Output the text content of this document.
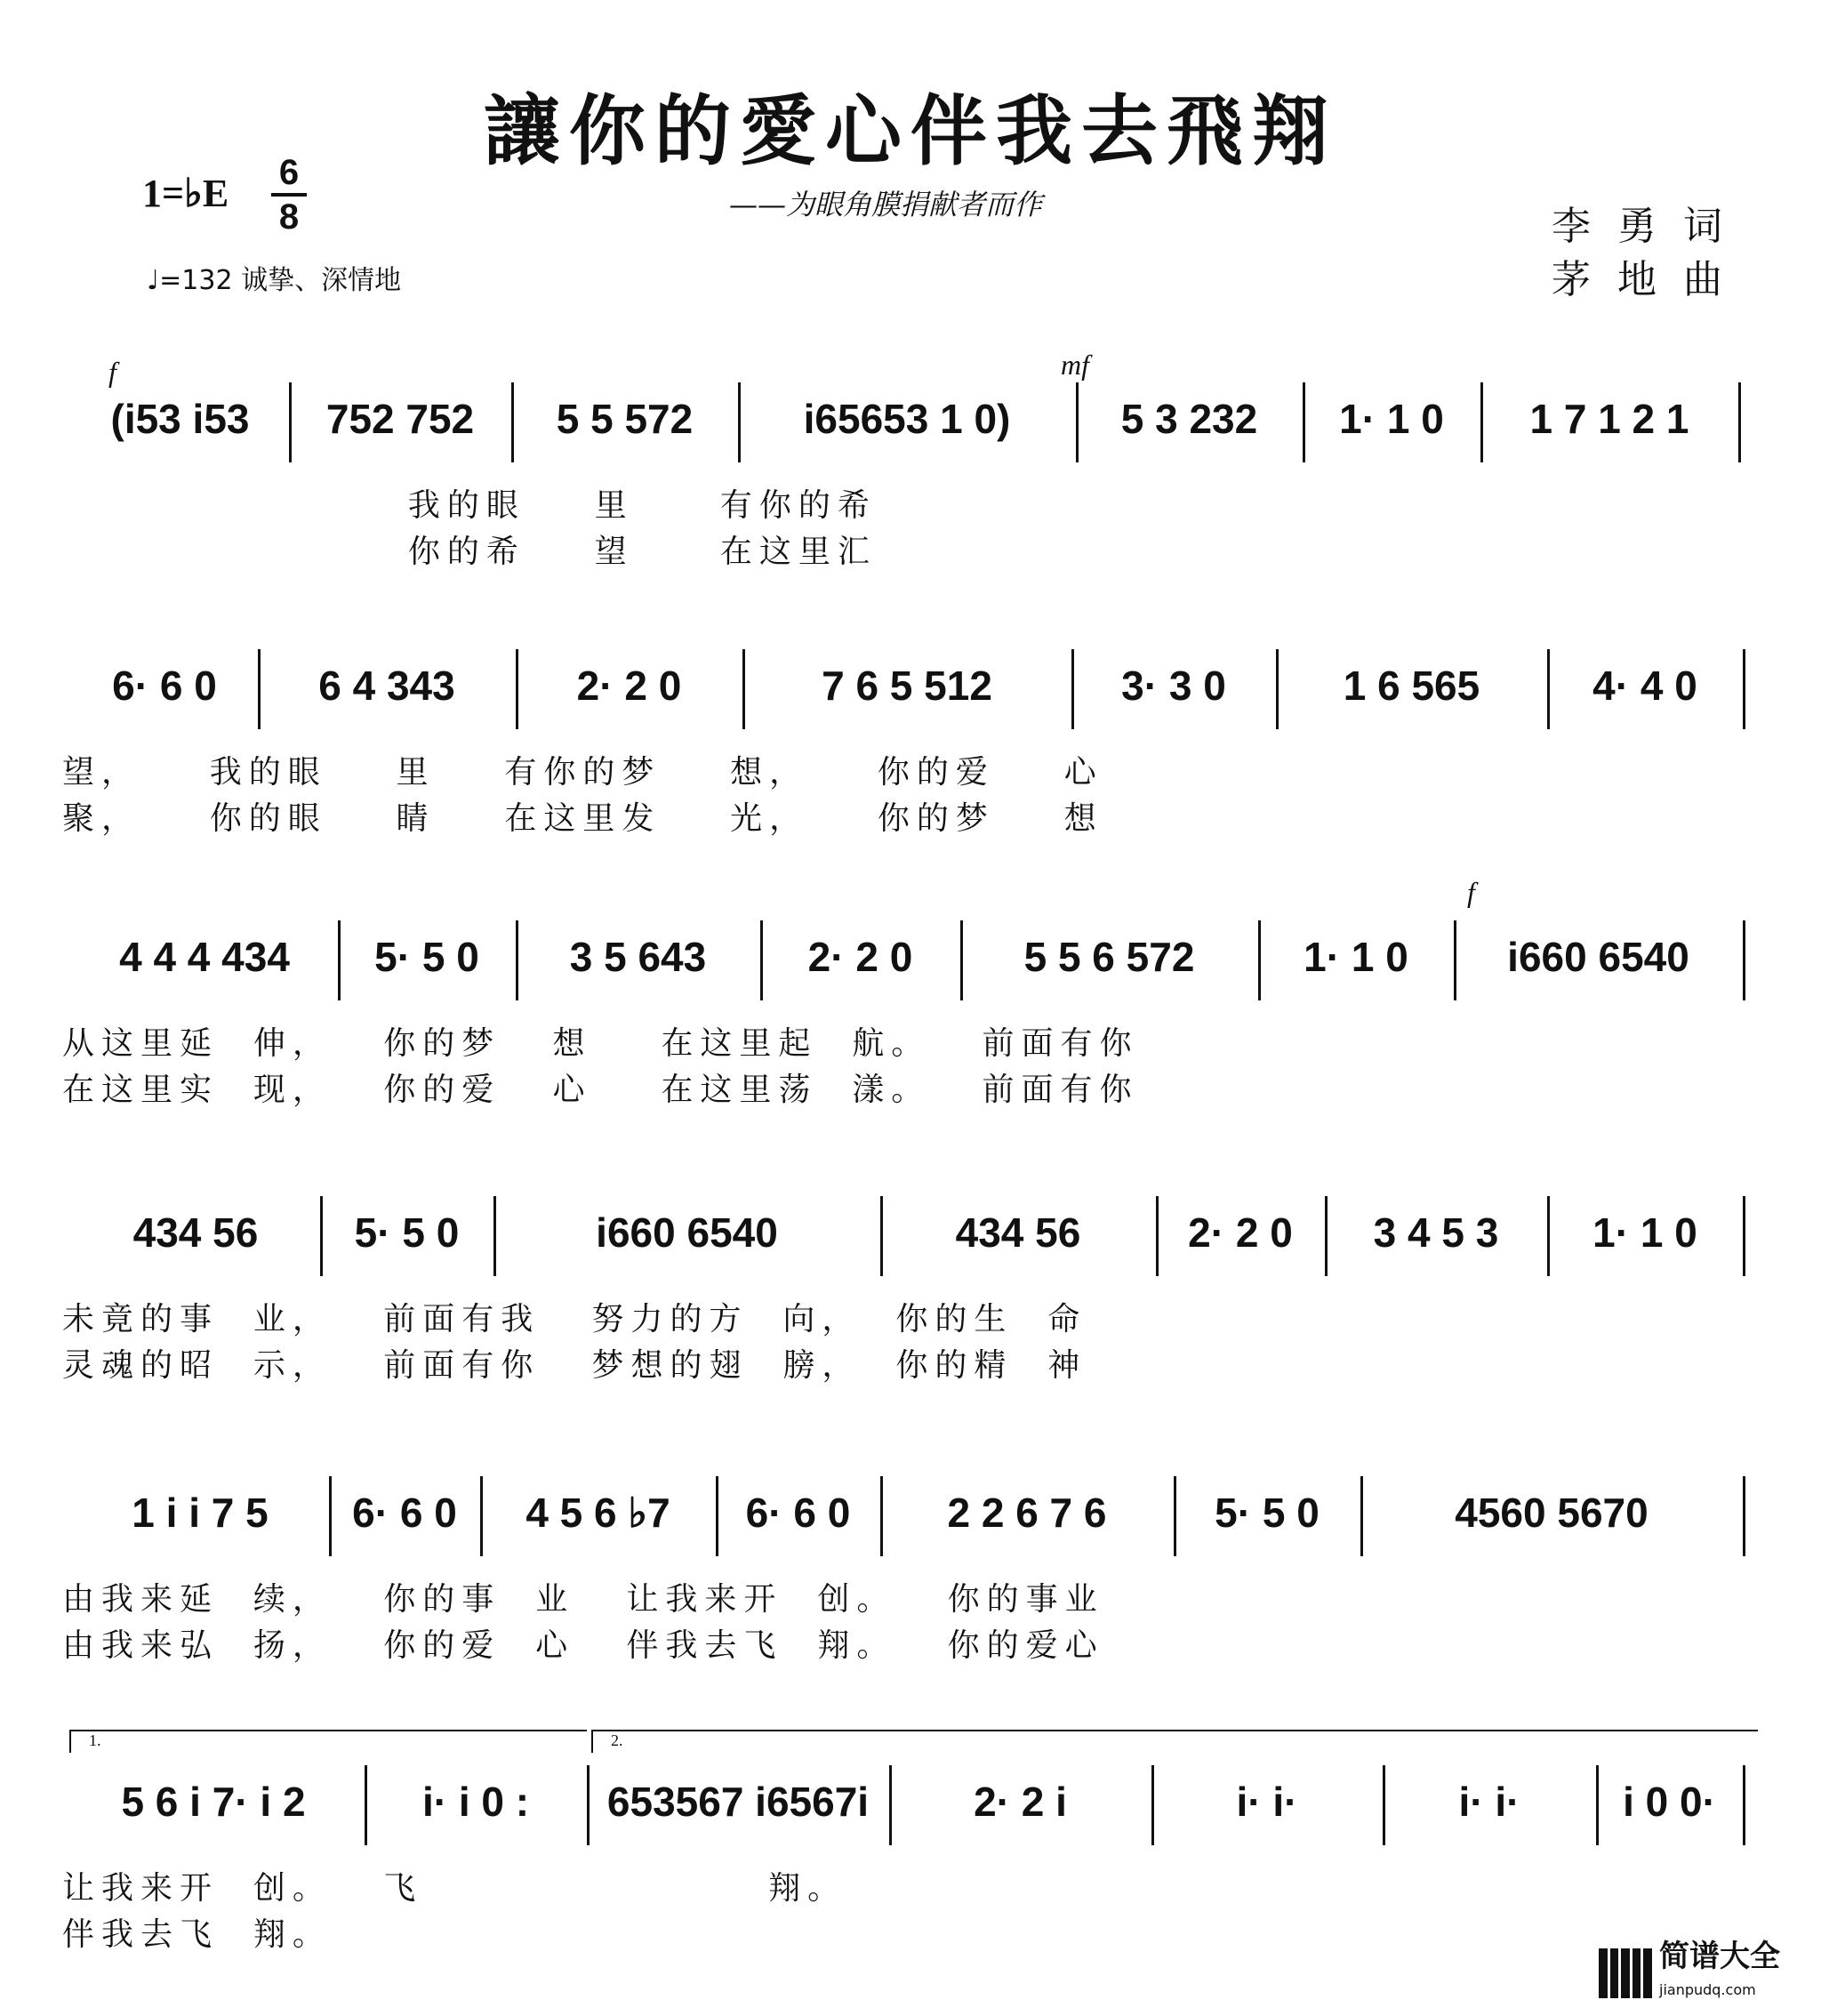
讓你的愛心伴我去飛翔
1=♭E 6
8	——为眼角膜捐献者而作
♩=132 诚挚、深情地
李勇词
茅地曲
f	mf
f
(i53 i53	752 752	5 5 572	i65653 1 0)	5 3 232	1· 1 0	1 7 1 2 1
我的眼    里     有你的希
你的希    望     在这里汇
6· 6 0	6 4 343	2· 2 0	7 6 5 512	3· 3 0	1 6 565	4· 4 0
望，    我的眼    里    有你的梦    想，    你的爱    心
聚，    你的眼    睛    在这里发    光，    你的梦    想
4 4 4 434	5· 5 0	3 5 643	2· 2 0	5 5 6 572	1· 1 0	i660 6540
从这里延  伸，   你的梦   想    在这里起  航。   前面有你
在这里实  现，   你的爱   心    在这里荡  漾。   前面有你
434 56	5· 5 0	i660 6540	434 56	2· 2 0	3 4 5 3	1· 1 0
未竟的事  业，   前面有我   努力的方  向，  你的生  命
灵魂的昭  示，   前面有你   梦想的翅  膀，  你的精  神
1 i i 7 5	6· 6 0	4 5 6 ♭7	6· 6 0	2 2 6 7 6	5· 5 0	4560 5670
由我来延  续，   你的事  业   让我来开  创。   你的事业
由我来弘  扬，   你的爱  心   伴我去飞  翔。   你的爱心
5 6 i 7· i 2	i· i 0 :	653567 i6567i	2· 2 i	i· i·	i· i·	i 0 0·
让我来开  创。   飞                    翔。
伴我去飞  翔。
1.	2.
简谱大全
jianpudq.com
